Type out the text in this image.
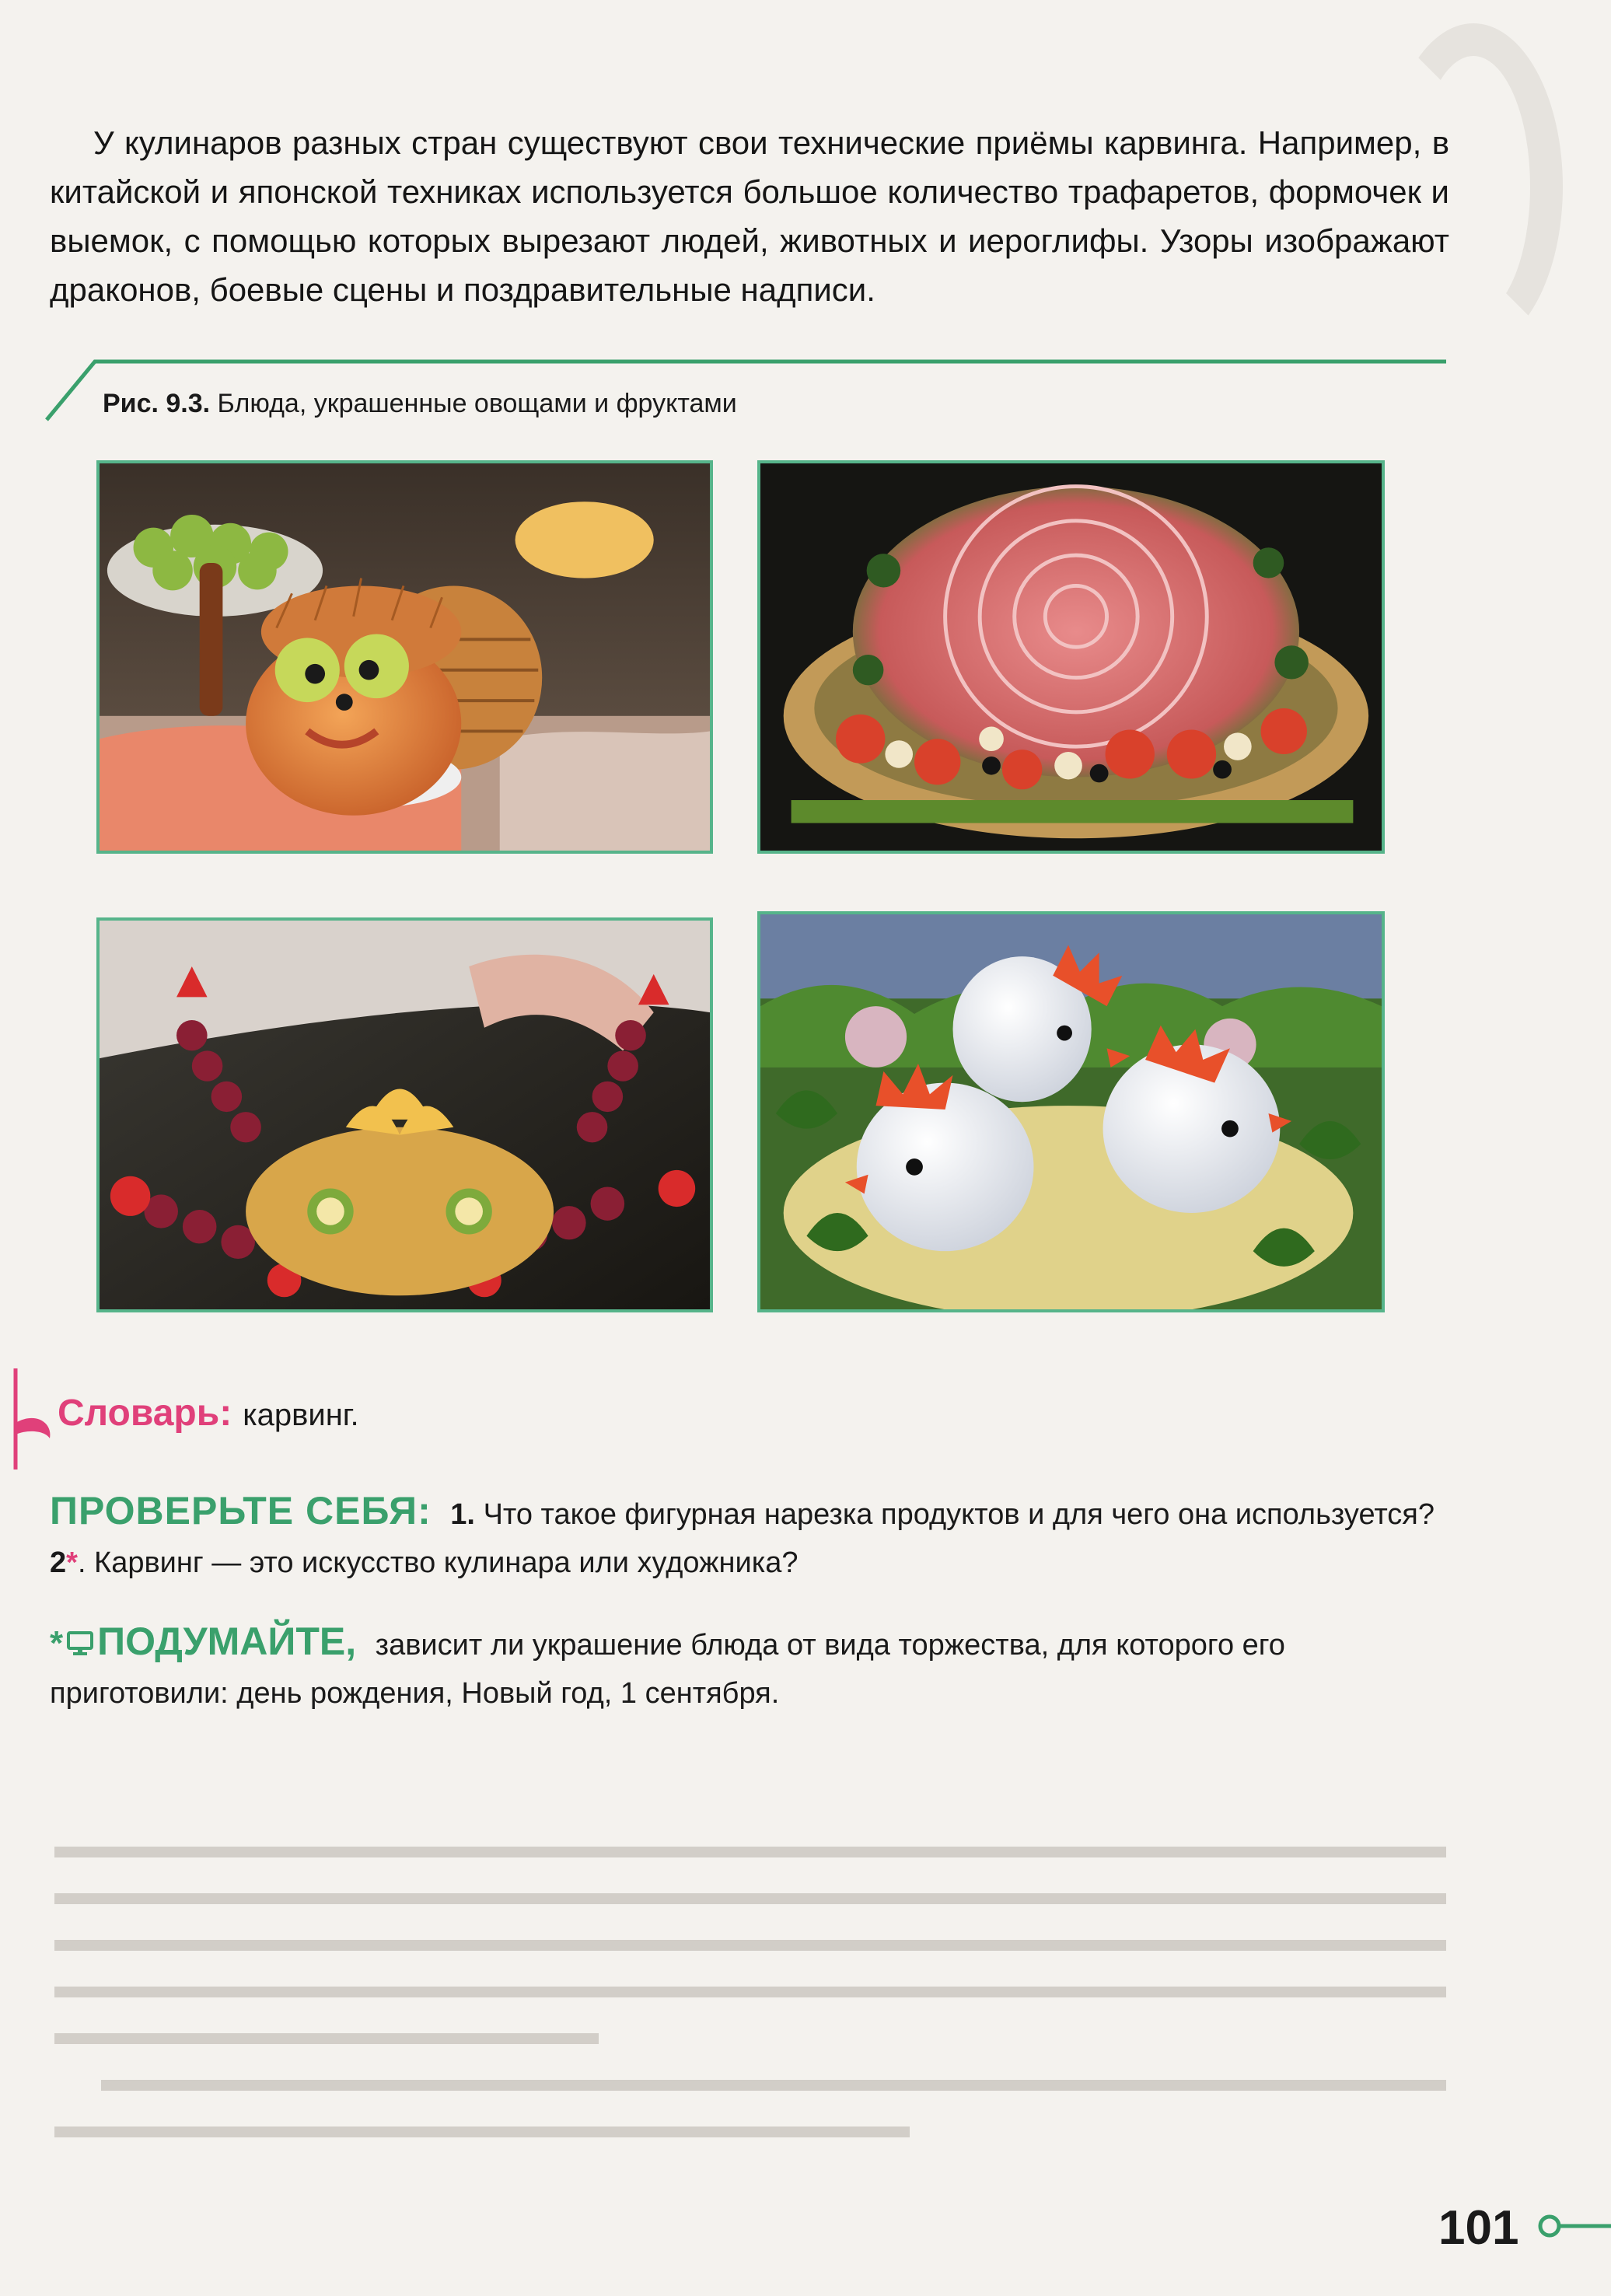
У кулинаров разных стран существуют свои технические приёмы карвинга. Например, в китайской и японской техниках используется большое количество трафаретов, формочек и выемок, с помощью которых вырезают людей, животных и иероглифы. Узоры изображают драконов, боевые сцены и поздравительные надписи.

Рис. 9.3. Блюда, украшенные овощами и фруктами
Словарь: карвинг.
ПРОВЕРЬТЕ СЕБЯ: 1. Что такое фигурная нарезка продуктов и для чего она используется? 2*. Карвинг — это искусство кулинара или художника?
* ПОДУМАЙТЕ, зависит ли украшение блюда от вида торжества, для которого его приготовили: день рождения, Новый год, 1 сентября.
101
